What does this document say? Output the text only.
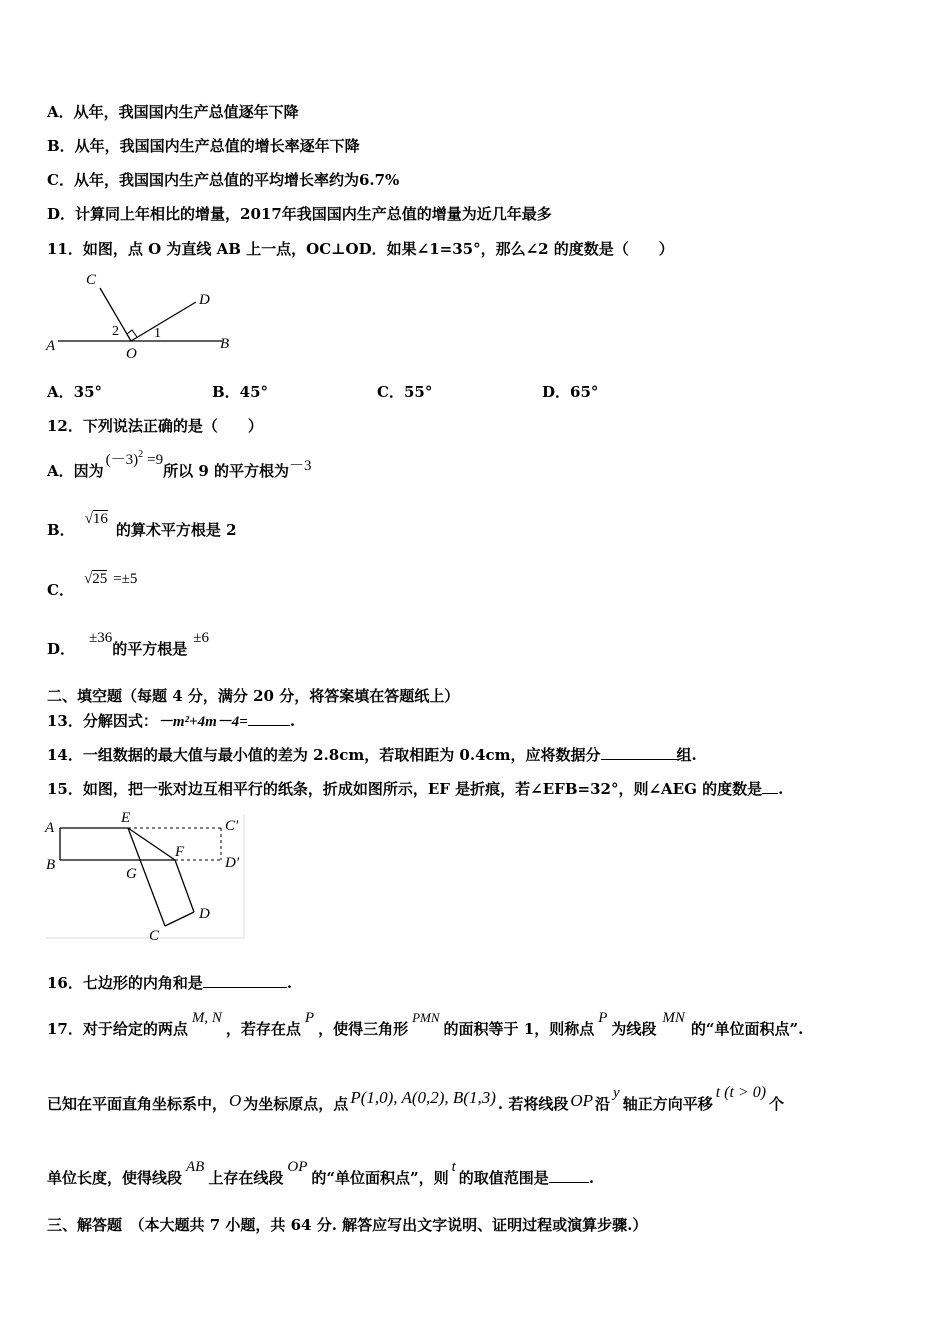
A．从年，我国国内生产总值逐年下降
B．从年，我国国内生产总值的增长率逐年下降
C．从年，我国国内生产总值的平均增长率约为6.7%
D．计算同上年相比的增量，2017年我国国内生产总值的增量为近几年最多
11．如图，点 O 为直线 AB 上一点，OC⊥OD．如果∠1=35°，那么∠2 的度数是（　　）
A	B
C
D
O
1
2
A．35°	B．45°	C．55°	D．65°
12．下列说法正确的是（　　）
A．因为$(-3)^2 =9$所以 9 的平方根为－3
B．√16的算术平方根是 2
C．√25 =±5
D．±36的平方根是±6
二、填空题（每题 4 分，满分 20 分，将答案填在答题纸上）
13．分解因式：－m²+4m－4=	.
14．一组数据的最大值与最小值的差为 2.8cm，若取相距为 0.4cm，应将数据分	组.
15．如图，把一张对边互相平行的纸条，折成如图所示，EF 是折痕，若∠EFB=32°，则∠AEG 的度数是 .
A
B
E
F
G
C
D
C′
D′
16．七边形的内角和是	.
17．对于给定的两点M, N，若存在点P，使得三角形PMN的面积等于 1，则称点P为线段MN的“单位面积点”.
已知在平面直角坐标系中， O 为坐标原点，点 P(1,0), A(0,2), B(1,3) . 若将线段 OP 沿y轴正方向平移t (t > 0)个
单位长度，使得线段AB上存在线段OP的“单位面积点”，则t的取值范围是	.
三、解答题　（本大题共 7 小题，共 64 分. 解答应写出文字说明、证明过程或演算步骤.）
